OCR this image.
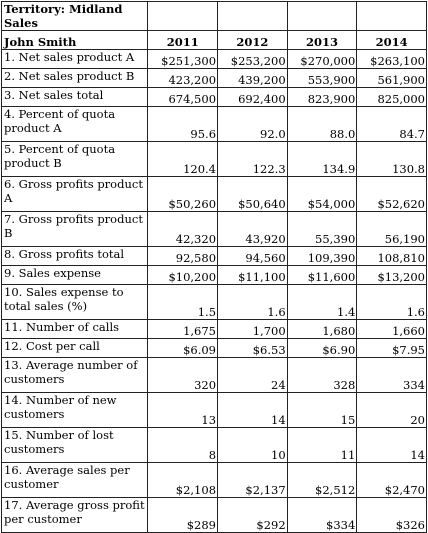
Territory: Midland Sales				
John Smith	2011	2012	2013	2014
1. Net sales product A	$251,300	$253,200	$270,000	$263,100
2. Net sales product B	423,200	439,200	553,900	561,900
3. Net sales total	674,500	692,400	823,900	825,000
4. Percent of quota product A	95.6	92.0	88.0	84.7
5. Percent of quota product B	120.4	122.3	134.9	130.8
6. Gross profits product A	$50,260	$50,640	$54,000	$52,620
7. Gross profits product B	42,320	43,920	55,390	56,190
8. Gross profits total	92,580	94,560	109,390	108,810
9. Sales expense	$10,200	$11,100	$11,600	$13,200
10. Sales expense to total sales (%)	1.5	1.6	1.4	1.6
11. Number of calls	1,675	1,700	1,680	1,660
12. Cost per call	$6.09	$6.53	$6.90	$7.95
13. Average number of customers	320	24	328	334
14. Number of new customers	13	14	15	20
15. Number of lost customers	8	10	11	14
16. Average sales per customer	$2,108	$2,137	$2,512	$2,470
17. Average gross profit per customer	$289	$292	$334	$326
